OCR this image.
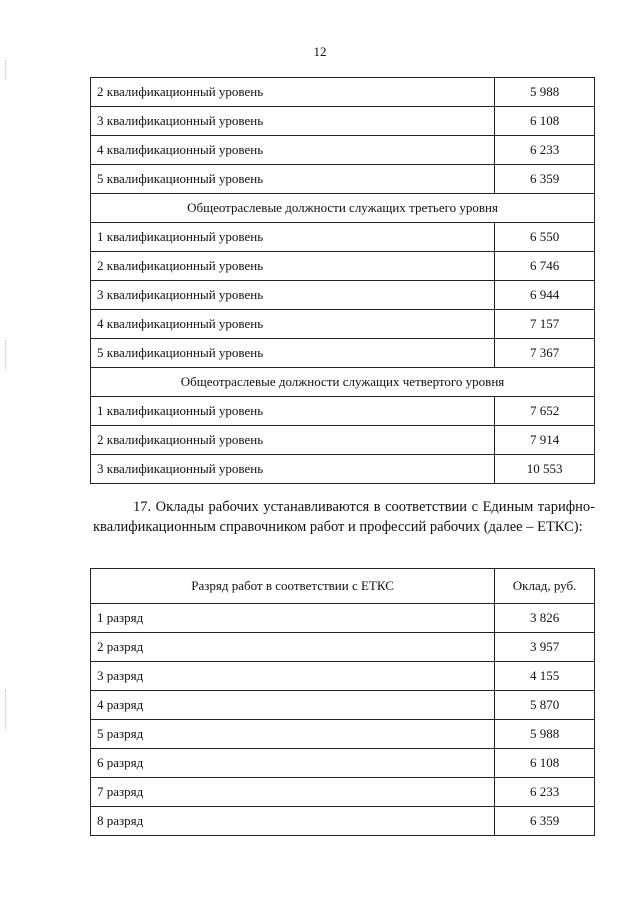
12
2 квалификационный уровень	5 988
3 квалификационный уровень	6 108
4 квалификационный уровень	6 233
5 квалификационный уровень	6 359
Общеотраслевые должности служащих третьего уровня	
1 квалификационный уровень	6 550
2 квалификационный уровень	6 746
3 квалификационный уровень	6 944
4 квалификационный уровень	7 157
5 квалификационный уровень	7 367
Общеотраслевые должности служащих четвертого уровня	
1 квалификационный уровень	7 652
2 квалификационный уровень	7 914
3 квалификационный уровень	10 553
17. Оклады рабочих устанавливаются в соответствии с Единым тарифно-квалификационным справочником работ и профессий рабочих (далее – ЕТКС):
Разряд работ в соответствии с ЕТКС	Оклад, руб.
1 разряд	3 826
2 разряд	3 957
3 разряд	4 155
4 разряд	5 870
5 разряд	5 988
6 разряд	6 108
7 разряд	6 233
8 разряд	6 359
